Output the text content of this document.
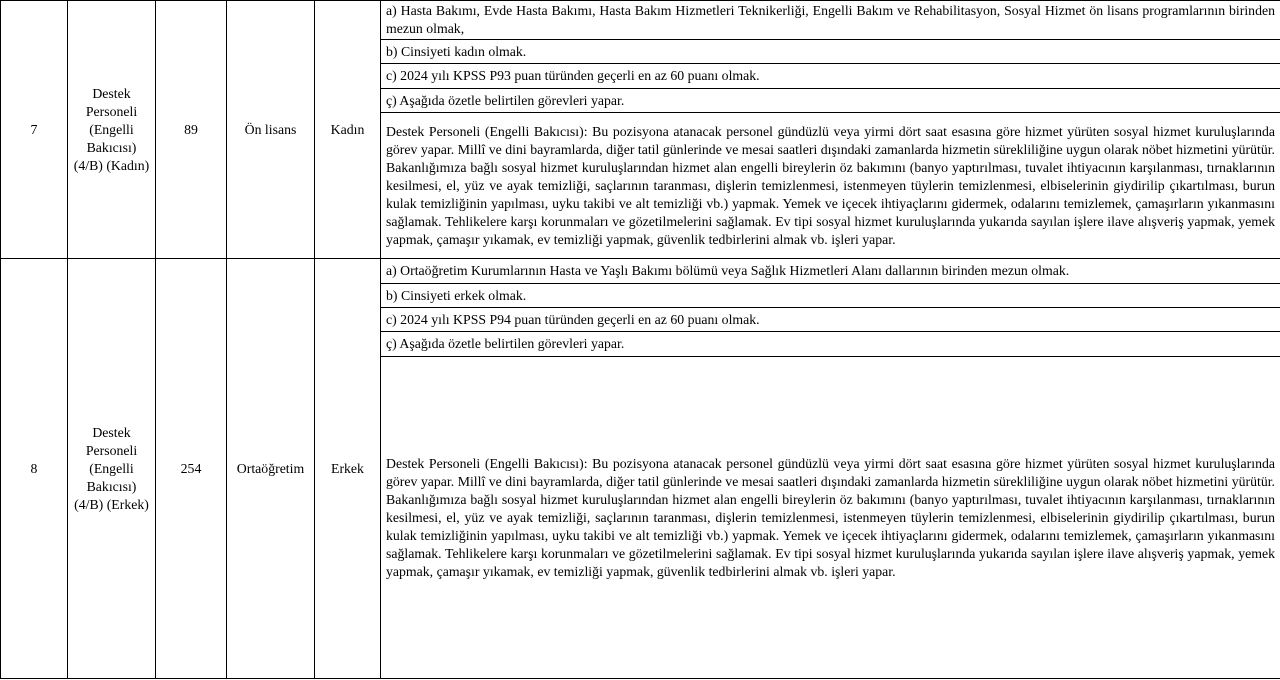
7	Destek Personeli (Engelli Bakıcısı) (4/B) (Kadın)	89	Ön lisans	Kadın	a) Hasta Bakımı, Evde Hasta Bakımı, Hasta Bakım Hizmetleri Teknikerliği, Engelli Bakım ve Rehabilitasyon, Sosyal Hizmet ön lisans programlarının birinden mezun olmak,
					b) Cinsiyeti kadın olmak.
					c) 2024 yılı KPSS P93 puan türünden geçerli en az 60 puanı olmak.
					ç) Aşağıda özetle belirtilen görevleri yapar.
					Destek Personeli (Engelli Bakıcısı): Bu pozisyona atanacak personel gündüzlü veya yirmi dört saat esasına göre hizmet yürüten sosyal hizmet kuruluşlarında görev yapar. Millî ve dini bayramlarda, diğer tatil günlerinde ve mesai saatleri dışındaki zamanlarda hizmetin sürekliliğine uygun olarak nöbet hizmetini yürütür. Bakanlığımıza bağlı sosyal hizmet kuruluşlarından hizmet alan engelli bireylerin öz bakımını (banyo yaptırılması, tuvalet ihtiyacının karşılanması, tırnaklarının kesilmesi, el, yüz ve ayak temizliği, saçlarının taranması, dişlerin temizlenmesi, istenmeyen tüylerin temizlenmesi, elbiselerinin giydirilip çıkartılması, burun kulak temizliğinin yapılması, uyku takibi ve alt temizliği vb.) yapmak. Yemek ve içecek ihtiyaçlarını gidermek, odalarını temizlemek, çamaşırların yıkanmasını sağlamak. Tehlikelere karşı korunmaları ve gözetilmelerini sağlamak. Ev tipi sosyal hizmet kuruluşlarında yukarıda sayılan işlere ilave alışveriş yapmak, yemek yapmak, çamaşır yıkamak, ev temizliği yapmak, güvenlik tedbirlerini almak vb. işleri yapar.
8	Destek Personeli (Engelli Bakıcısı) (4/B) (Erkek)	254	Ortaöğretim	Erkek	a) Ortaöğretim Kurumlarının Hasta ve Yaşlı Bakımı bölümü veya Sağlık Hizmetleri Alanı dallarının birinden mezun olmak.
					b) Cinsiyeti erkek olmak.
					c) 2024 yılı KPSS P94 puan türünden geçerli en az 60 puanı olmak.
					ç) Aşağıda özetle belirtilen görevleri yapar.
					Destek Personeli (Engelli Bakıcısı): Bu pozisyona atanacak personel gündüzlü veya yirmi dört saat esasına göre hizmet yürüten sosyal hizmet kuruluşlarında görev yapar. Millî ve dini bayramlarda, diğer tatil günlerinde ve mesai saatleri dışındaki zamanlarda hizmetin sürekliliğine uygun olarak nöbet hizmetini yürütür. Bakanlığımıza bağlı sosyal hizmet kuruluşlarından hizmet alan engelli bireylerin öz bakımını (banyo yaptırılması, tuvalet ihtiyacının karşılanması, tırnaklarının kesilmesi, el, yüz ve ayak temizliği, saçlarının taranması, dişlerin temizlenmesi, istenmeyen tüylerin temizlenmesi, elbiselerinin giydirilip çıkartılması, burun kulak temizliğinin yapılması, uyku takibi ve alt temizliği vb.) yapmak. Yemek ve içecek ihtiyaçlarını gidermek, odalarını temizlemek, çamaşırların yıkanmasını sağlamak. Tehlikelere karşı korunmaları ve gözetilmelerini sağlamak. Ev tipi sosyal hizmet kuruluşlarında yukarıda sayılan işlere ilave alışveriş yapmak, yemek yapmak, çamaşır yıkamak, ev temizliği yapmak, güvenlik tedbirlerini almak vb. işleri yapar.
